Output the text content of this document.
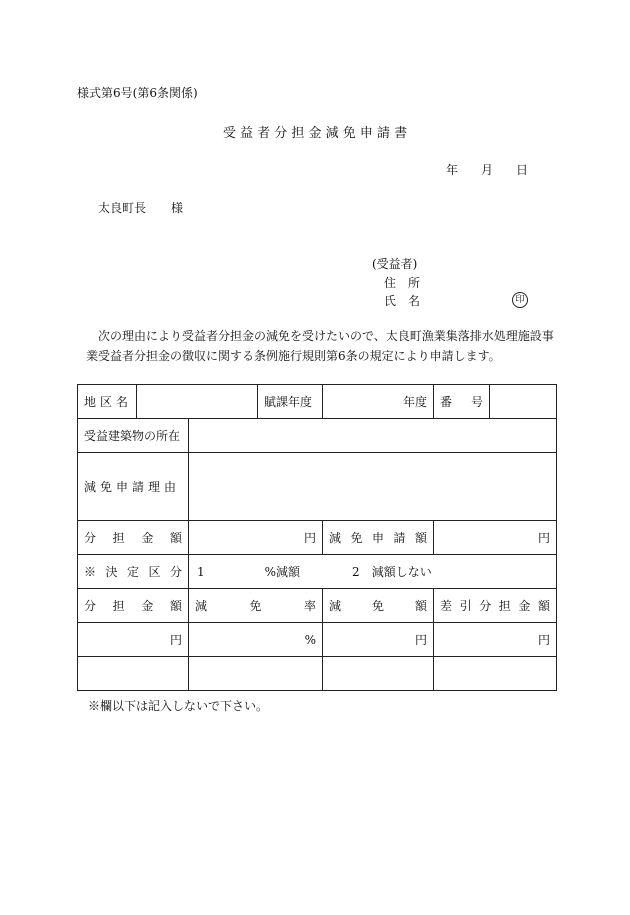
様式第6号(第6条関係)
受 益 者 分 担 金 減 免 申 請 書
年 月 日
太良町長 様
(受益者)
住　所
氏　名	印
次の理由により受益者分担金の減免を受けたいので、太良町漁業集落排水処理施設事
業受益者分担金の徴収に関する条例施行規則第6条の規定により申請します。
地区名			賦課年度	年度	番号	
受益建築物の所在						
減免申請理由						
分担金額		円		減免申請額	円	
※決定区分		1 %減額 2 減額しない				
分担金額		減免率		減免額	差引分担金額	
円		%		円	円	

※欄以下は記入しないで下さい。
